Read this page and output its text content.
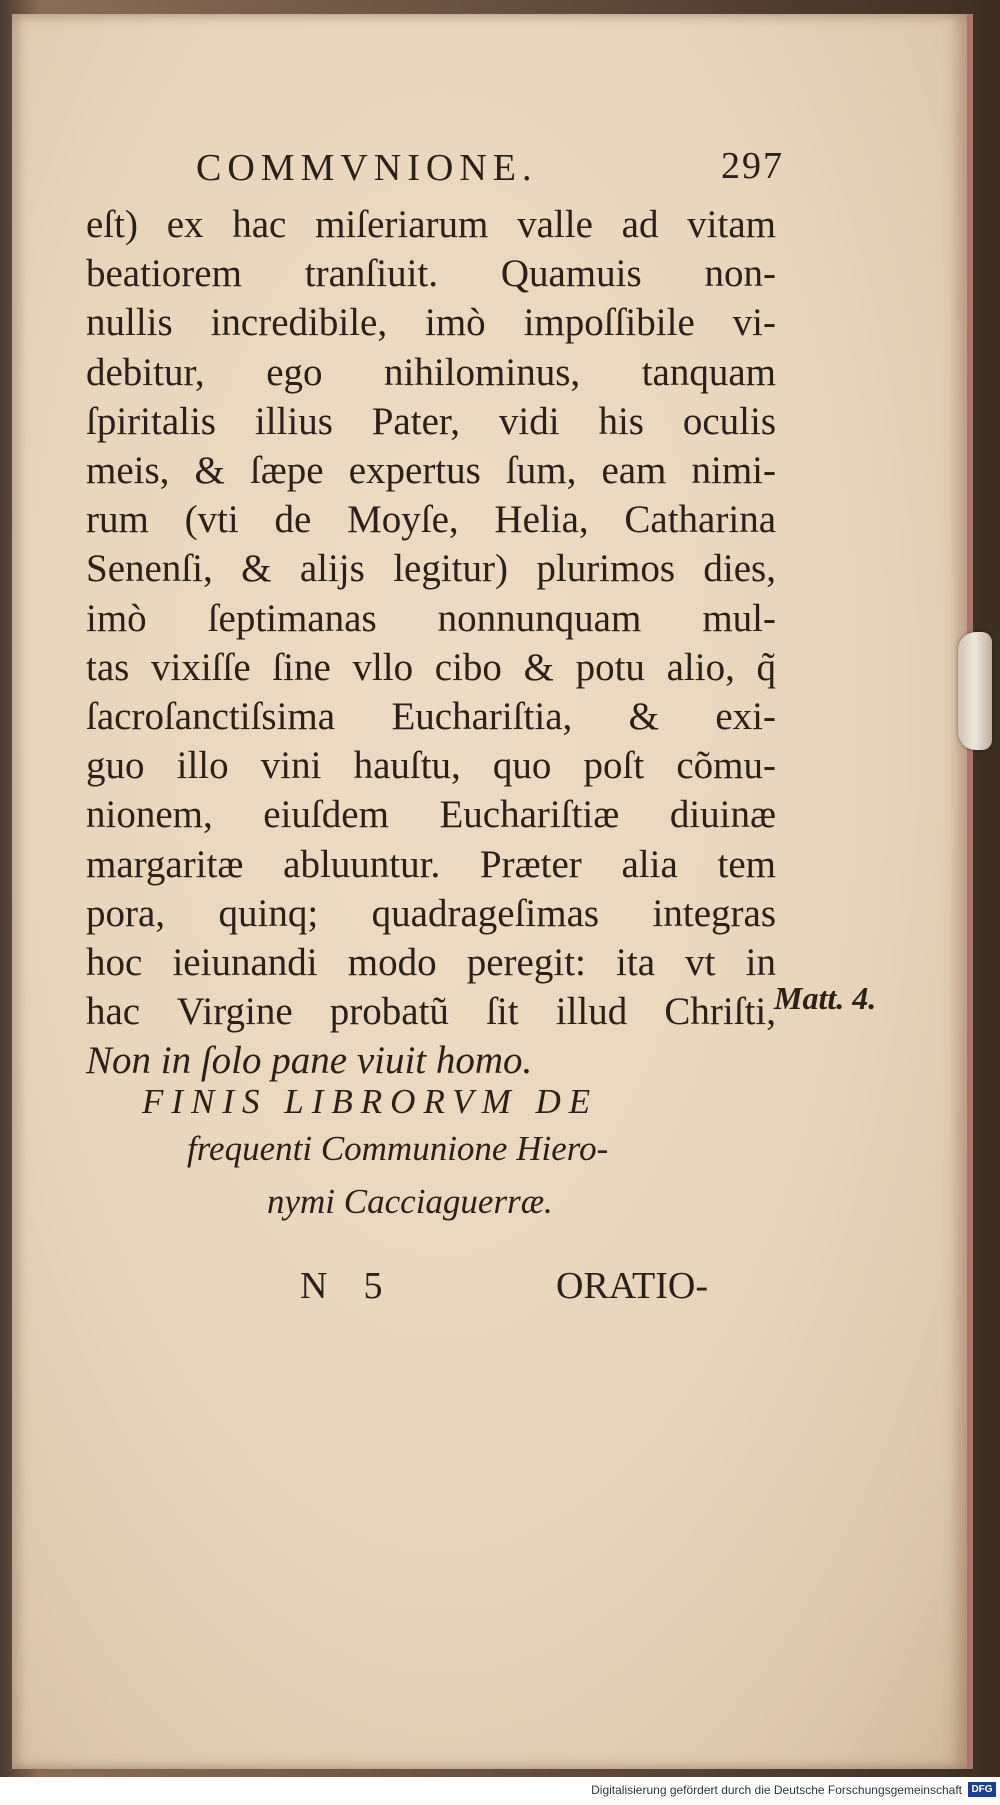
COMMVNIONE.	297
eſt) ex hac miſeriarum valle ad vitam
beatiorem tranſiuit. Quamuis non-
nullis incredibile, imò impoſſibile vi-
debitur, ego nihilominus, tanquam
ſpiritalis illius Pater, vidi his oculis
meis, & ſæpe expertus ſum, eam nimi-
rum (vti de Moyſe, Helia, Catharina
Senenſi, & alijs legitur) plurimos dies,
imò ſeptimanas nonnunquam mul-
tas vixiſſe ſine vllo cibo & potu alio, q̃
ſacroſanctiſsima Euchariſtia, & exi-
guo illo vini hauſtu, quo poſt cõmu-
nionem, eiuſdem Euchariſtiæ diuinæ
margaritæ abluuntur. Præter alia tem
pora, quinq; quadrageſimas integras
hoc ieiunandi modo peregit: ita vt in
hac Virgine probatũ ſit illud Chriſti,
Non in ſolo pane viuit homo.
Matt. 4.
FINIS LIBRORVM DE
frequenti Communione Hiero-
nymi Cacciaguerræ.
N 5	ORATIO-
Digitalisierung gefördert durch die Deutsche Forschungsgemeinschaft DFG
